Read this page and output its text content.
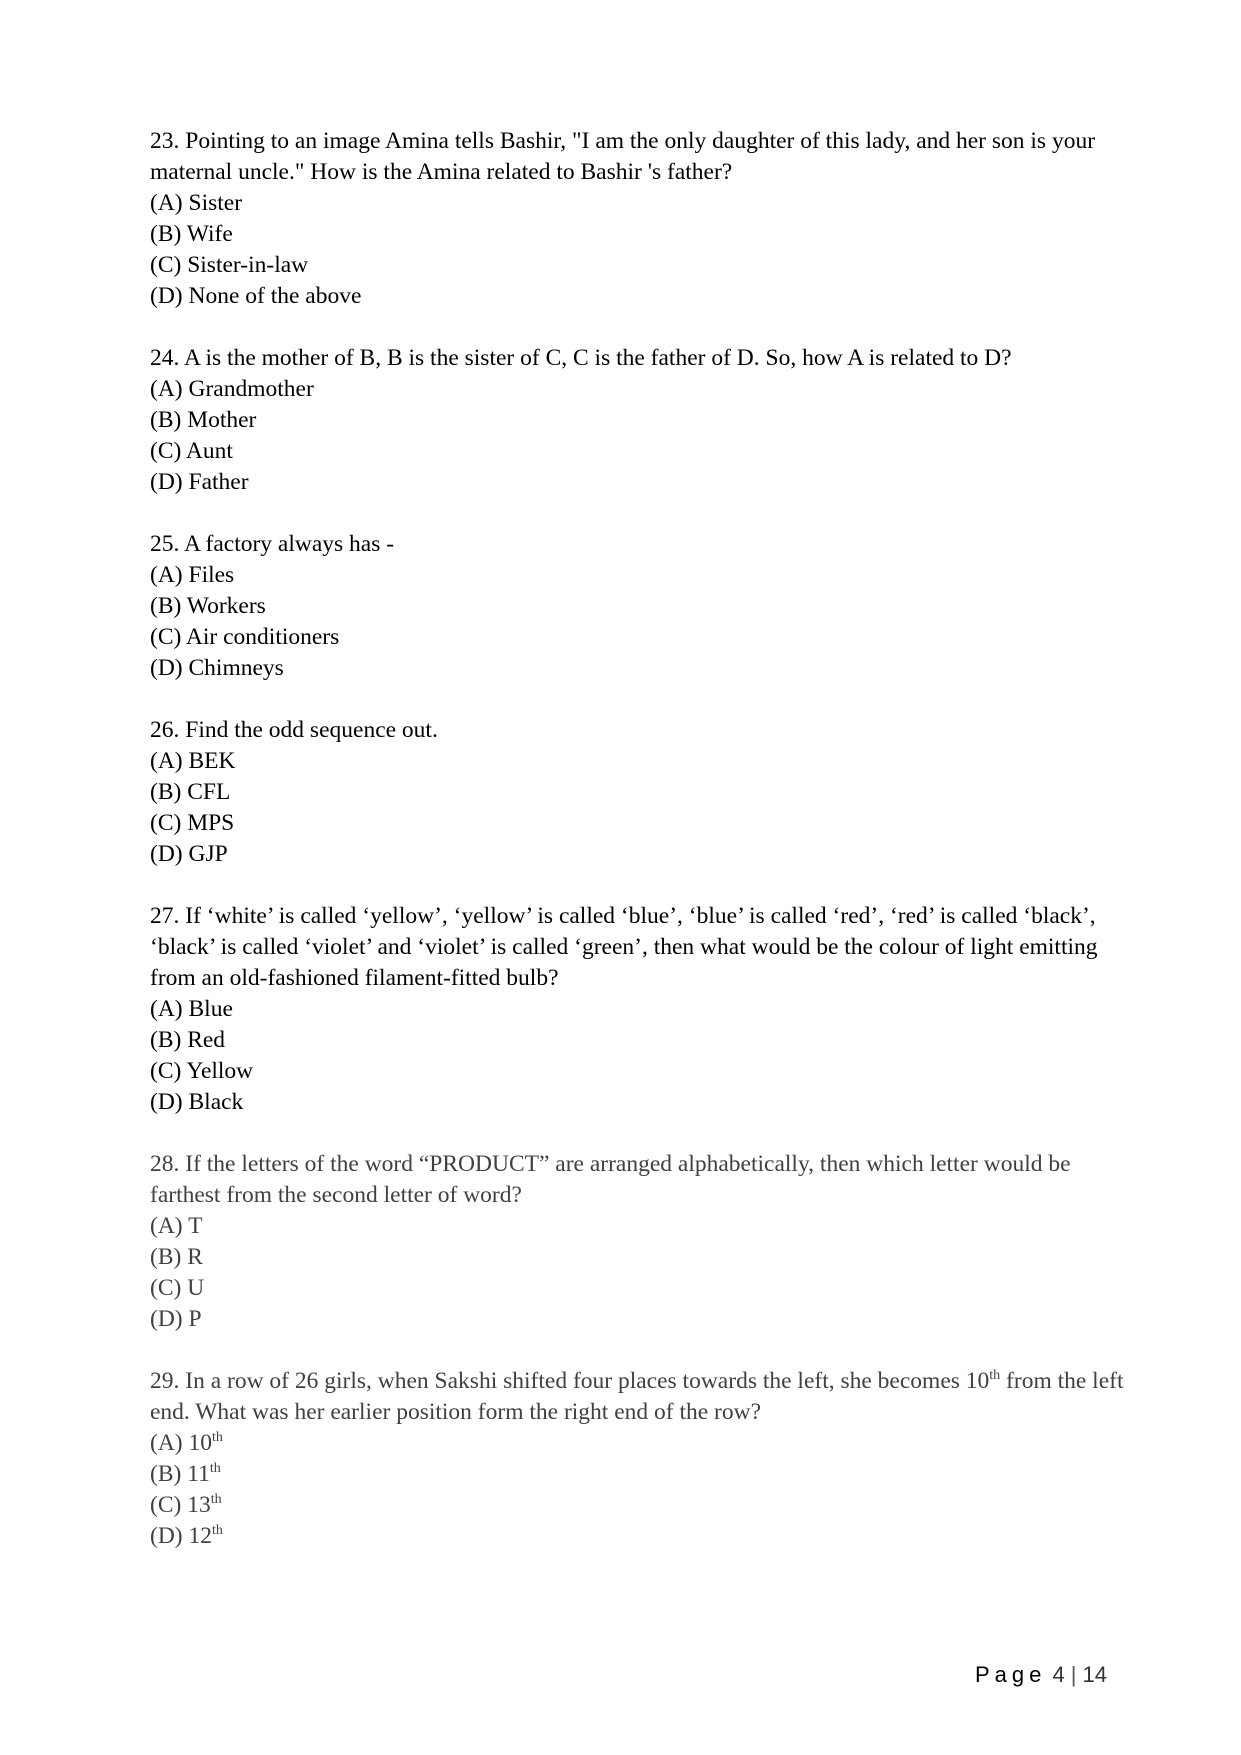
23. Pointing to an image Amina tells Bashir, "I am the only daughter of this lady, and her son is your maternal uncle." How is the Amina related to Bashir 's father?

(A) Sister

(B) Wife

(C) Sister-in-law

(D) None of the above

24. A is the mother of B, B is the sister of C, C is the father of D. So, how A is related to D?

(A) Grandmother

(B) Mother

(C) Aunt

(D) Father

25. A factory always has -

(A) Files

(B) Workers

(C) Air conditioners

(D) Chimneys

26. Find the odd sequence out.

(A) BEK

(B) CFL

(C) MPS

(D) GJP

27. If ‘white’ is called ‘yellow’, ‘yellow’ is called ‘blue’, ‘blue’ is called ‘red’, ‘red’ is called ‘black’, ‘black’ is called ‘violet’ and ‘violet’ is called ‘green’, then what would be the colour of light emitting from an old-fashioned filament-fitted bulb?

(A) Blue

(B) Red

(C) Yellow

(D) Black

28. If the letters of the word “PRODUCT” are arranged alphabetically, then which letter would be farthest from the second letter of word?

(A) T

(B) R

(C) U

(D) P

29. In a row of 26 girls, when Sakshi shifted four places towards the left, she becomes 10th from the left end. What was her earlier position form the right end of the row?

(A) 10th

(B) 11th

(C) 13th

(D) 12th

Page 4 | 14
